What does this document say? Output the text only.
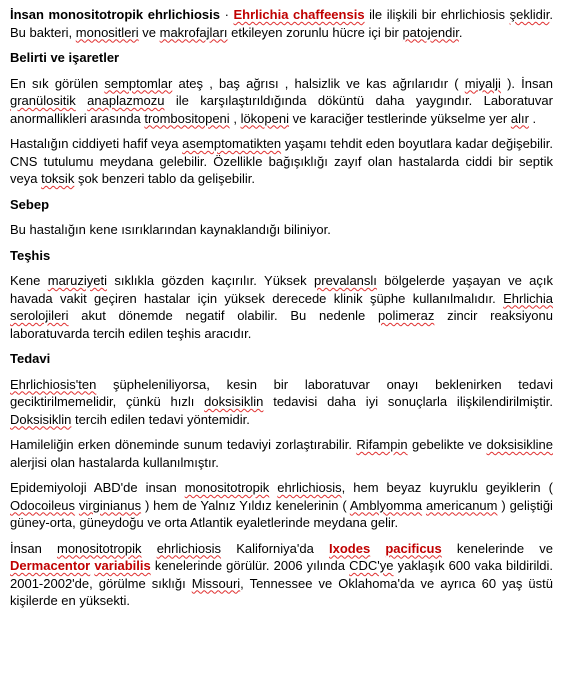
İnsan monositotropik ehrlichiosis · Ehrlichia chaffeensis ile ilişkili bir ehrlichiosis şeklidir. Bu bakteri, monositleri ve makrofajları etkileyen zorunlu hücre içi bir patojendir.

Belirti ve işaretler

En sık görülen semptomlar ateş , baş ağrısı , halsizlik ve kas ağrılarıdır ( miyalji ). İnsan granülositik anaplazmozu ile karşılaştırıldığında döküntü daha yaygındır. Laboratuvar anormallikleri arasında trombositopeni , lökopeni ve karaciğer testlerinde yükselme yer alır .

Hastalığın ciddiyeti hafif veya asemptomatikten yaşamı tehdit eden boyutlara kadar değişebilir. CNS tutulumu meydana gelebilir. Özellikle bağışıklığı zayıf olan hastalarda ciddi bir septik veya toksik şok benzeri tablo da gelişebilir.

Sebep

Bu hastalığın kene ısırıklarından kaynaklandığı biliniyor.

Teşhis

Kene maruziyeti sıklıkla gözden kaçırılır. Yüksek prevalanslı bölgelerde yaşayan ve açık havada vakit geçiren hastalar için yüksek derecede klinik şüphe kullanılmalıdır. Ehrlichia serolojileri akut dönemde negatif olabilir. Bu nedenle polimeraz zincir reaksiyonu laboratuvarda tercih edilen teşhis aracıdır.

Tedavi

Ehrlichiosis'ten şüpheleniliyorsa, kesin bir laboratuvar onayı beklenirken tedavi geciktirilmemelidir, çünkü hızlı doksisiklin tedavisi daha iyi sonuçlarla ilişkilendirilmiştir. Doksisiklin tercih edilen tedavi yöntemidir.

Hamileliğin erken döneminde sunum tedaviyi zorlaştırabilir. Rifampin gebelikte ve doksisikline alerjisi olan hastalarda kullanılmıştır.

Epidemiyoloji ABD'de insan monositotropik ehrlichiosis, hem beyaz kuyruklu geyiklerin ( Odocoileus virginianus ) hem de Yalnız Yıldız kenelerinin ( Amblyomma americanum ) geliştiği güney-orta, güneydoğu ve orta Atlantik eyaletlerinde meydana gelir.

İnsan monositotropik ehrlichiosis Kaliforniya'da Ixodes pacificus kenelerinde ve Dermacentor variabilis kenelerinde görülür. 2006 yılında CDC'ye yaklaşık 600 vaka bildirildi. 2001-2002'de, görülme sıklığı Missouri, Tennessee ve Oklahoma'da ve ayrıca 60 yaş üstü kişilerde en yüksekti.
